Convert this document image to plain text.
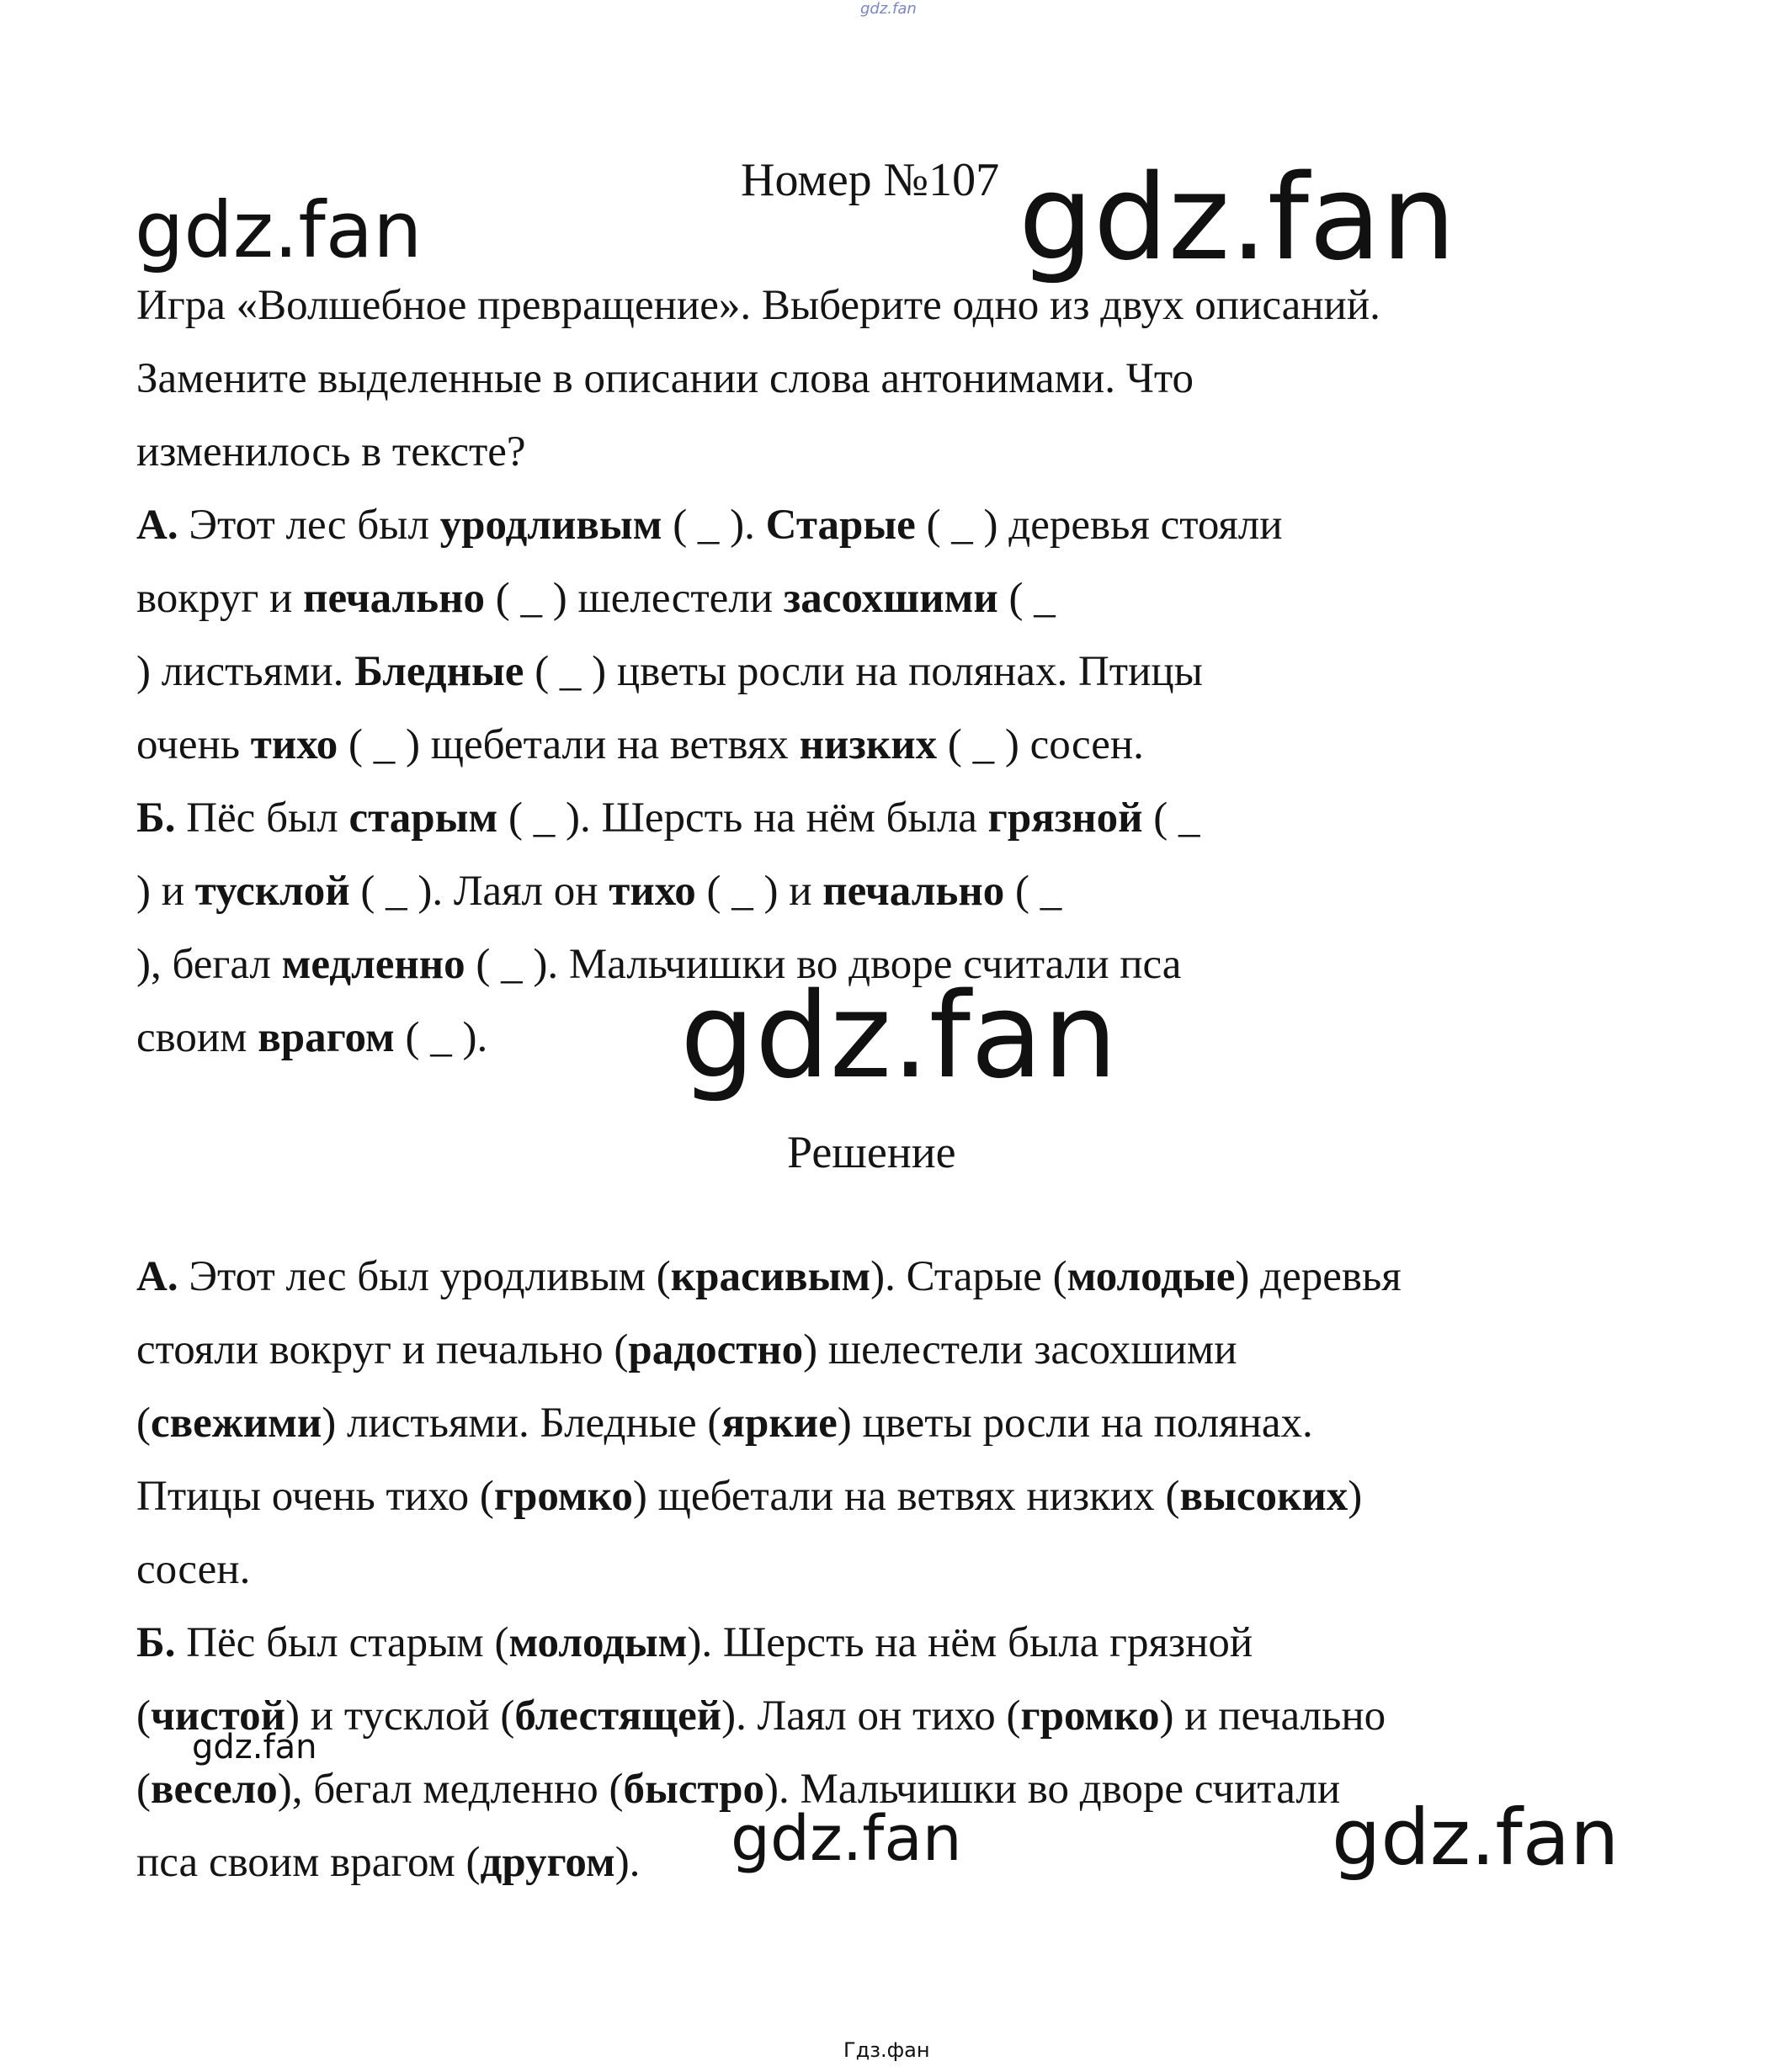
gdz.fan
gdz.fan	gdz.fan
gdz.fan
gdz.fan
gdz.fan	gdz.fan
Номер №107

Игра «Волшебное превращение». Выберите одно из двух описаний.
Замените выделенные в описании слова антонимами. Что
изменилось в тексте?

А. Этот лес был уродливым ( _ ). Старые ( _ ) деревья стояли
вокруг и печально ( _ ) шелестели засохшими ( _
) листьями. Бледные ( _ ) цветы росли на полянах. Птицы
очень тихо ( _ ) щебетали на ветвях низких ( _ ) сосен.

Б. Пёс был старым ( _ ). Шерсть на нём была грязной ( _
) и тусклой ( _ ). Лаял он тихо ( _ ) и печально ( _
), бегал медленно ( _ ). Мальчишки во дворе считали пса
своим врагом ( _ ).

Решение

А. Этот лес был уродливым (красивым). Старые (молодые) деревья
стояли вокруг и печально (радостно) шелестели засохшими
(свежими) листьями. Бледные (яркие) цветы росли на полянах.
Птицы очень тихо (громко) щебетали на ветвях низких (высоких)
сосен.

Б. Пёс был старым (молодым). Шерсть на нём была грязной
(чистой) и тусклой (блестящей). Лаял он тихо (громко) и печально
(весело), бегал медленно (быстро). Мальчишки во дворе считали
пса своим врагом (другом).

Гдз.фан
